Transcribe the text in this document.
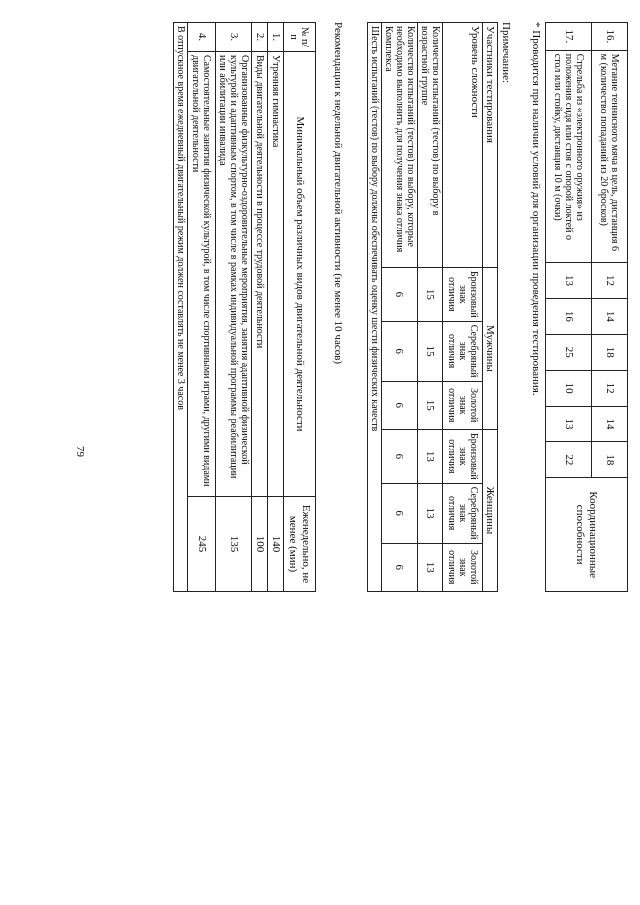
79
16.	Метание теннисного мяча в цель, дистанция 6 м (количество попаданий из 20 бросков)	12	14	18	12	14	18	Координационные способности
17.	Стрельба из «электронного оружия» из положения сидя или стоя с опорой локтей о стол или стойку, дистанция 10 м (очки)	13	16	25	10	13	22	
* Проводится при наличии условий для организации проведения тестирования.
Примечание:
Участники тестирования	Мужчины			Женщины		
Уровень сложности	Бронзовый знак отличия	Серебряный знак отличия	Золотой знак отличия	Бронзовый знак отличия	Серебряный знак отличия	Золотой знак отличия
Количество испытаний (тестов) по выбору в возрастной группе	15	15	15	13	13	13
Количество испытаний (тестов) по выбору, которые необходимо выполнить для получения знака отличия Комплекса	6	6	6	6	6	6
Шесть испытаний (тестов) по выбору должны обеспечивать оценку шести физических качеств						
Рекомендации к недельной двигательной активности (не менее 10 часов)
№ п/п	Минимальный объем различных видов двигательной деятельности	Еженедельно, не менее (мин)
1.	Утренняя гимнастика	140
2.	Виды двигательной деятельности в процессе трудовой деятельности	100
3.	Организованные физкультурно-оздоровительные мероприятия, занятия адаптивной физической культурой и адаптивным спортом, в том числе в рамках индивидуальной программы реабилитации или абилитации инвалида	135
4.	Самостоятельные занятия физической культурой, в том числе спортивными играми, другими видами двигательной деятельности	245
В отпускное время ежедневный двигательный режим должен составлять не менее 3 часов		
